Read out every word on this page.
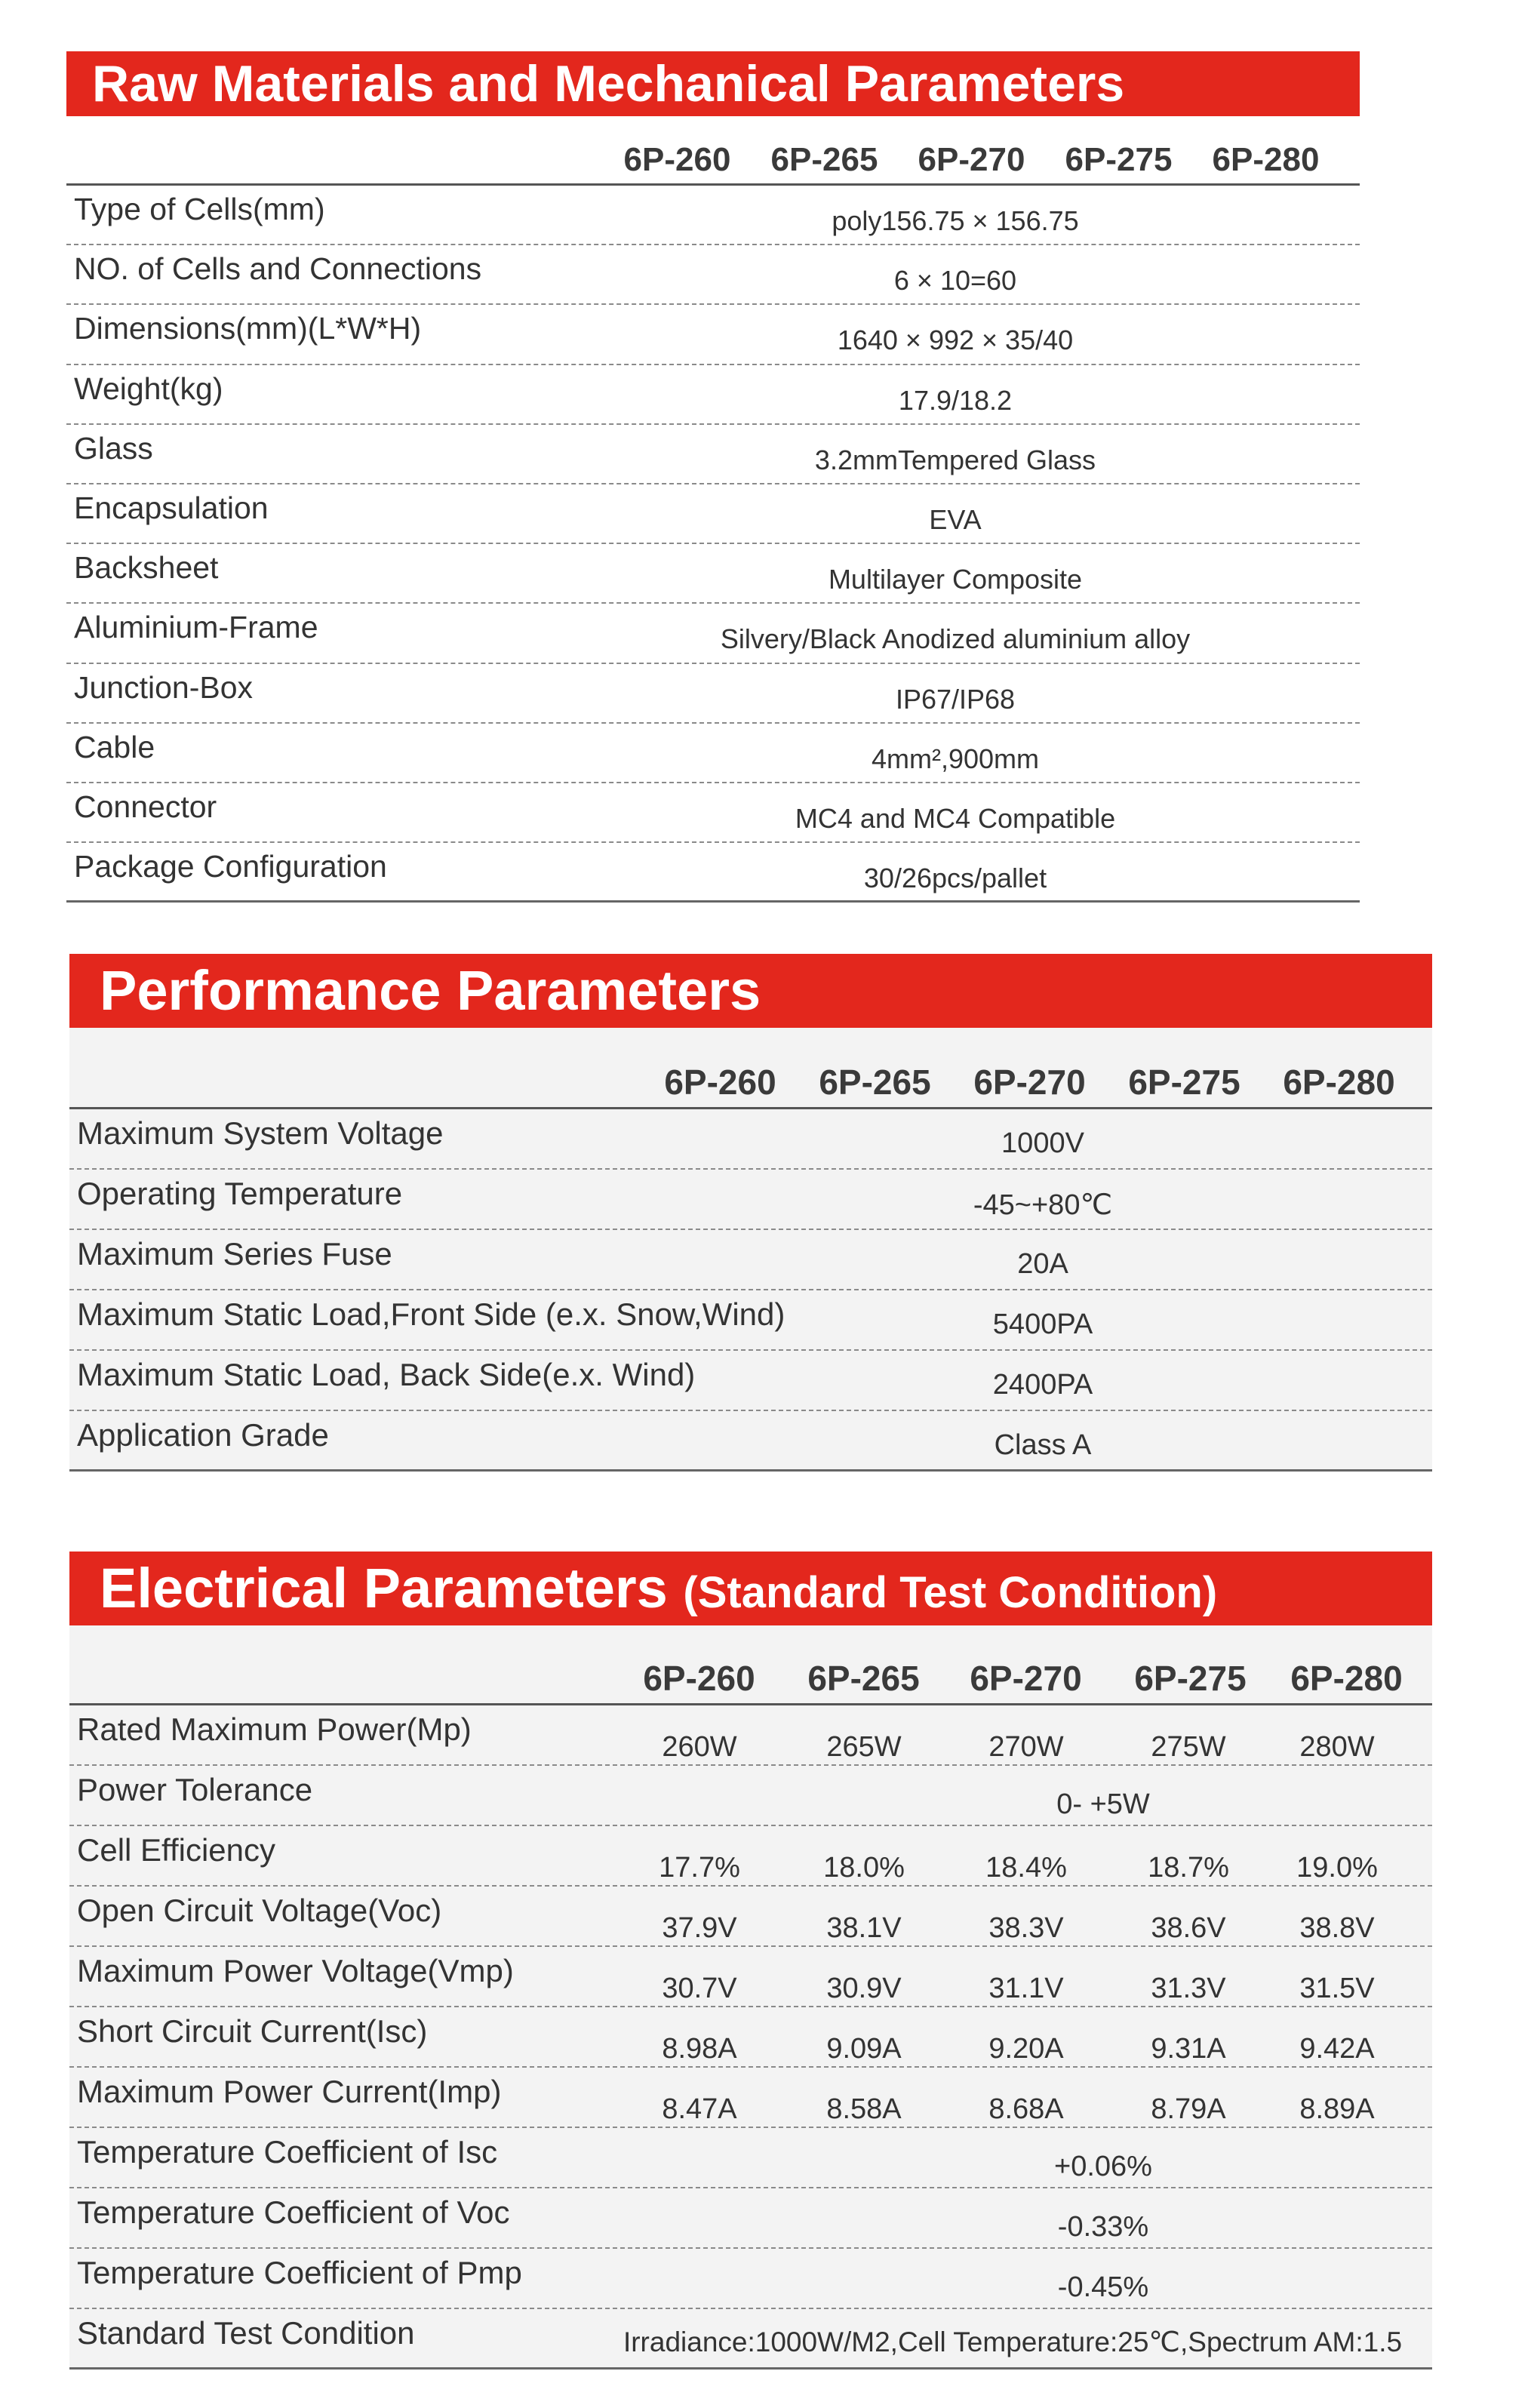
Raw Materials and Mechanical Parameters
6P-260	6P-265	6P-270	6P-275	6P-280
Type of Cells(mm)	poly156.75 × 156.75
NO. of Cells and Connections	6 × 10=60
Dimensions(mm)(L*W*H)	1640 × 992 × 35/40
Weight(kg)	17.9/18.2
Glass	3.2mmTempered Glass
Encapsulation	EVA
Backsheet	Multilayer Composite
Aluminium-Frame	Silvery/Black Anodized aluminium alloy
Junction-Box	IP67/IP68
Cable	4mm²,900mm
Connector	MC4 and MC4 Compatible
Package Configuration	30/26pcs/pallet
Performance Parameters
6P-260	6P-265	6P-270	6P-275	6P-280
Maximum System Voltage	1000V
Operating Temperature	-45~+80℃
Maximum Series Fuse	20A
Maximum Static Load,Front Side (e.x. Snow,Wind)	5400PA
Maximum Static Load, Back Side(e.x. Wind)	2400PA
Application Grade	Class A
Electrical Parameters (Standard Test Condition)
6P-260	6P-265	6P-270	6P-275	6P-280
Rated Maximum Power(Mp)	260W	265W	270W	275W	280W
Power Tolerance	0- +5W
Cell Efficiency	17.7%	18.0%	18.4%	18.7%	19.0%
Open Circuit Voltage(Voc)	37.9V	38.1V	38.3V	38.6V	38.8V
Maximum Power Voltage(Vmp)	30.7V	30.9V	31.1V	31.3V	31.5V
Short Circuit Current(Isc)	8.98A	9.09A	9.20A	9.31A	9.42A
Maximum Power Current(Imp)	8.47A	8.58A	8.68A	8.79A	8.89A
Temperature Coefficient of Isc	+0.06%
Temperature Coefficient of Voc	-0.33%
Temperature Coefficient of Pmp	-0.45%
Standard Test Condition	Irradiance:1000W/M2,Cell Temperature:25℃,Spectrum AM:1.5
